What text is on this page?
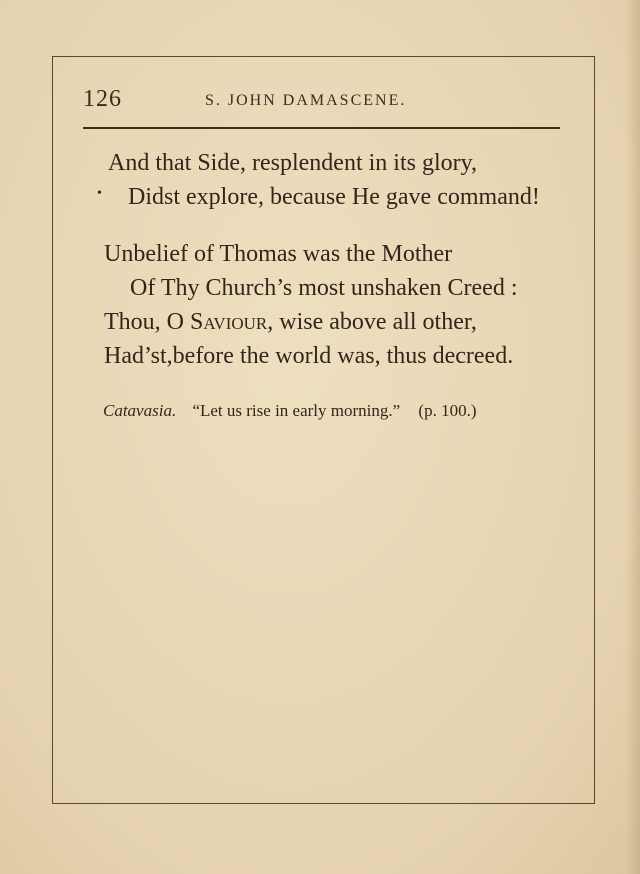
126	S. JOHN DAMASCENE.
And that Side, resplendent in its glory,
• Didst explore, because He gave command!
Unbelief of Thomas was the Mother
Of Thy Church’s most unshaken Creed :
Thou, O Saviour, wise above all other,
Had’st,before the world was, thus decreed.
Catavasia. “Let us rise in early morning.” (p. 100.)
